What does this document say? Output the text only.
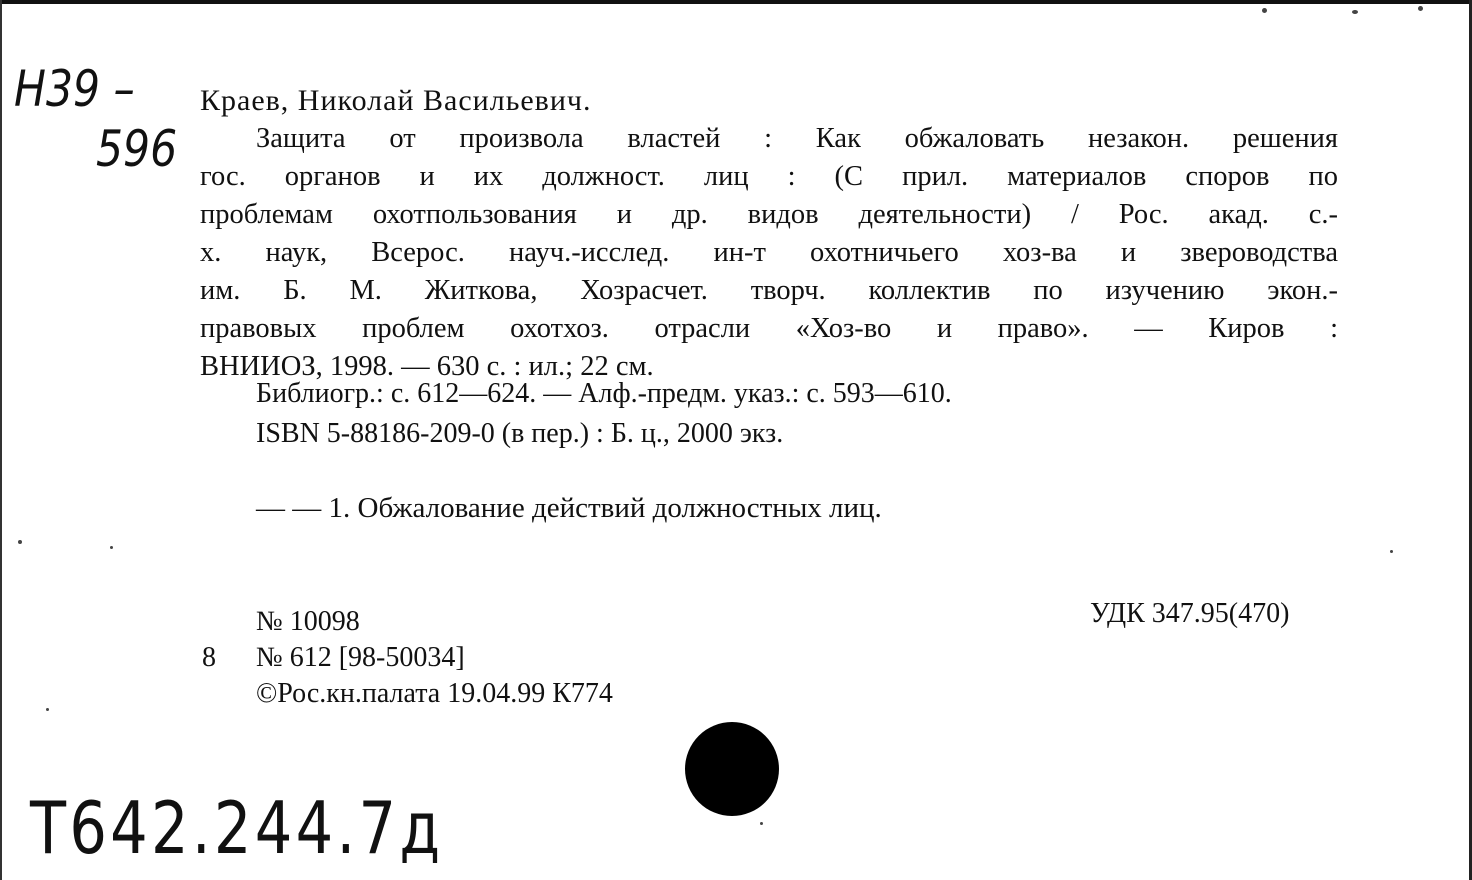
Н39 –
596
Краев, Николай Васильевич.
Защита от произвола властей : Как обжаловать незакон. решения
гос. органов и их должност. лиц : (С прил. материалов споров по
проблемам охотпользования и др. видов деятельности) / Рос. акад. с.-
х. наук, Всерос. науч.-исслед. ин-т охотничьего хоз-ва и звероводства
им. Б. М. Житкова, Хозрасчет. творч. коллектив по изучению экон.-
правовых проблем охотхоз. отрасли «Хоз-во и право». — Киров :
ВНИИОЗ, 1998. — 630 с. : ил.; 22 см.
Библиогр.: с. 612—624. — Алф.-предм. указ.: с. 593—610.
ISBN 5-88186-209-0 (в пер.) : Б. ц., 2000 экз.
— — 1. Обжалование действий должностных лиц.
№ 10098	УДК 347.95(470)
8 № 612 [98-50034]
©Рос.кн.палата 19.04.99 К774
Т642.244.7д
